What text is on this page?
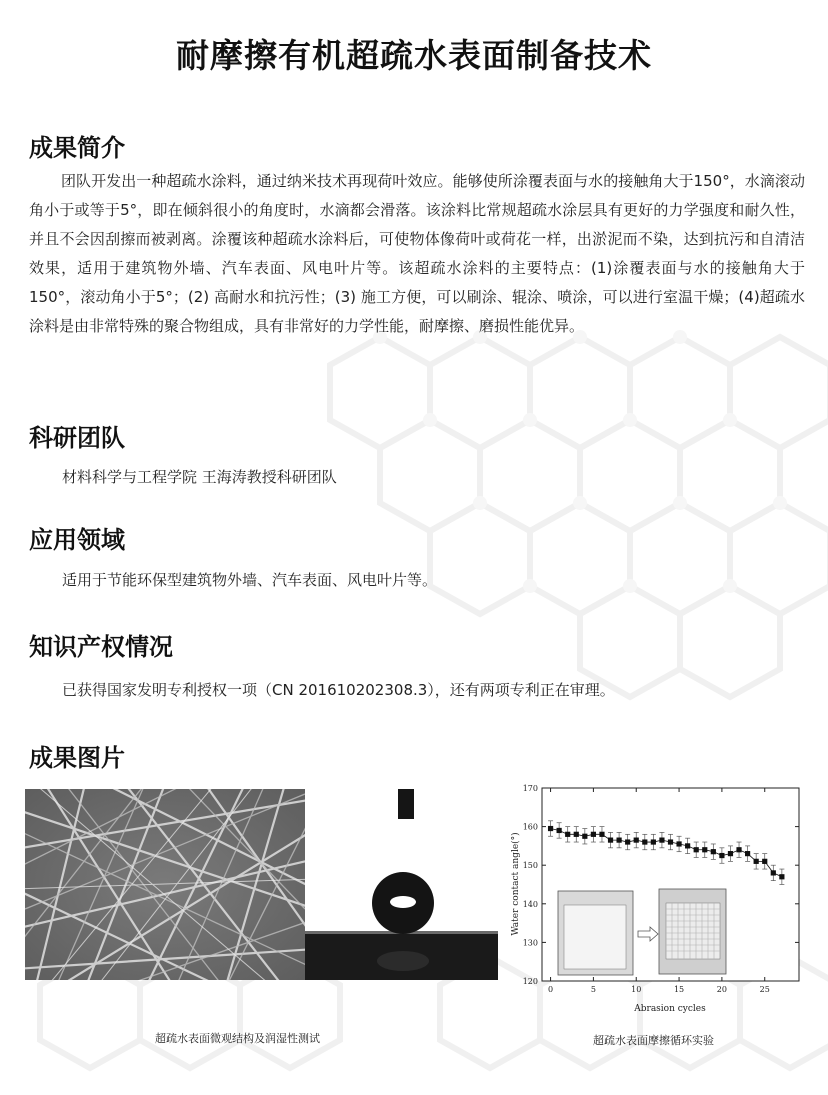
耐摩擦有机超疏水表面制备技术
成果简介
团队开发出一种超疏水涂料，通过纳米技术再现荷叶效应。能够使所涂覆表面与水的接触角大于150°，水滴滚动角小于或等于5°，即在倾斜很小的角度时，水滴都会滑落。该涂料比常规超疏水涂层具有更好的力学强度和耐久性，并且不会因刮擦而被剥离。涂覆该种超疏水涂料后，可使物体像荷叶或荷花一样，出淤泥而不染，达到抗污和自清洁效果，适用于建筑物外墙、汽车表面、风电叶片等。该超疏水涂料的主要特点：(1)涂覆表面与水的接触角大于150°，滚动角小于5°；(2) 高耐水和抗污性；(3) 施工方便，可以刷涂、辊涂、喷涂，可以进行室温干燥；(4)超疏水涂料是由非常特殊的聚合物组成，具有非常好的力学性能，耐摩擦、磨损性能优异。
科研团队
材料科学与工程学院 王海涛教授科研团队
应用领域
适用于节能环保型建筑物外墙、汽车表面、风电叶片等。
知识产权情况
已获得国家发明专利授权一项（CN 201610202308.3），还有两项专利正在审理。
成果图片
120
130
140
150
160
170
0	5	10	15	20	25
Water contact angle(°)
Abrasion cycles
超疏水表面微观结构及润湿性测试	超疏水表面摩擦循环实验
